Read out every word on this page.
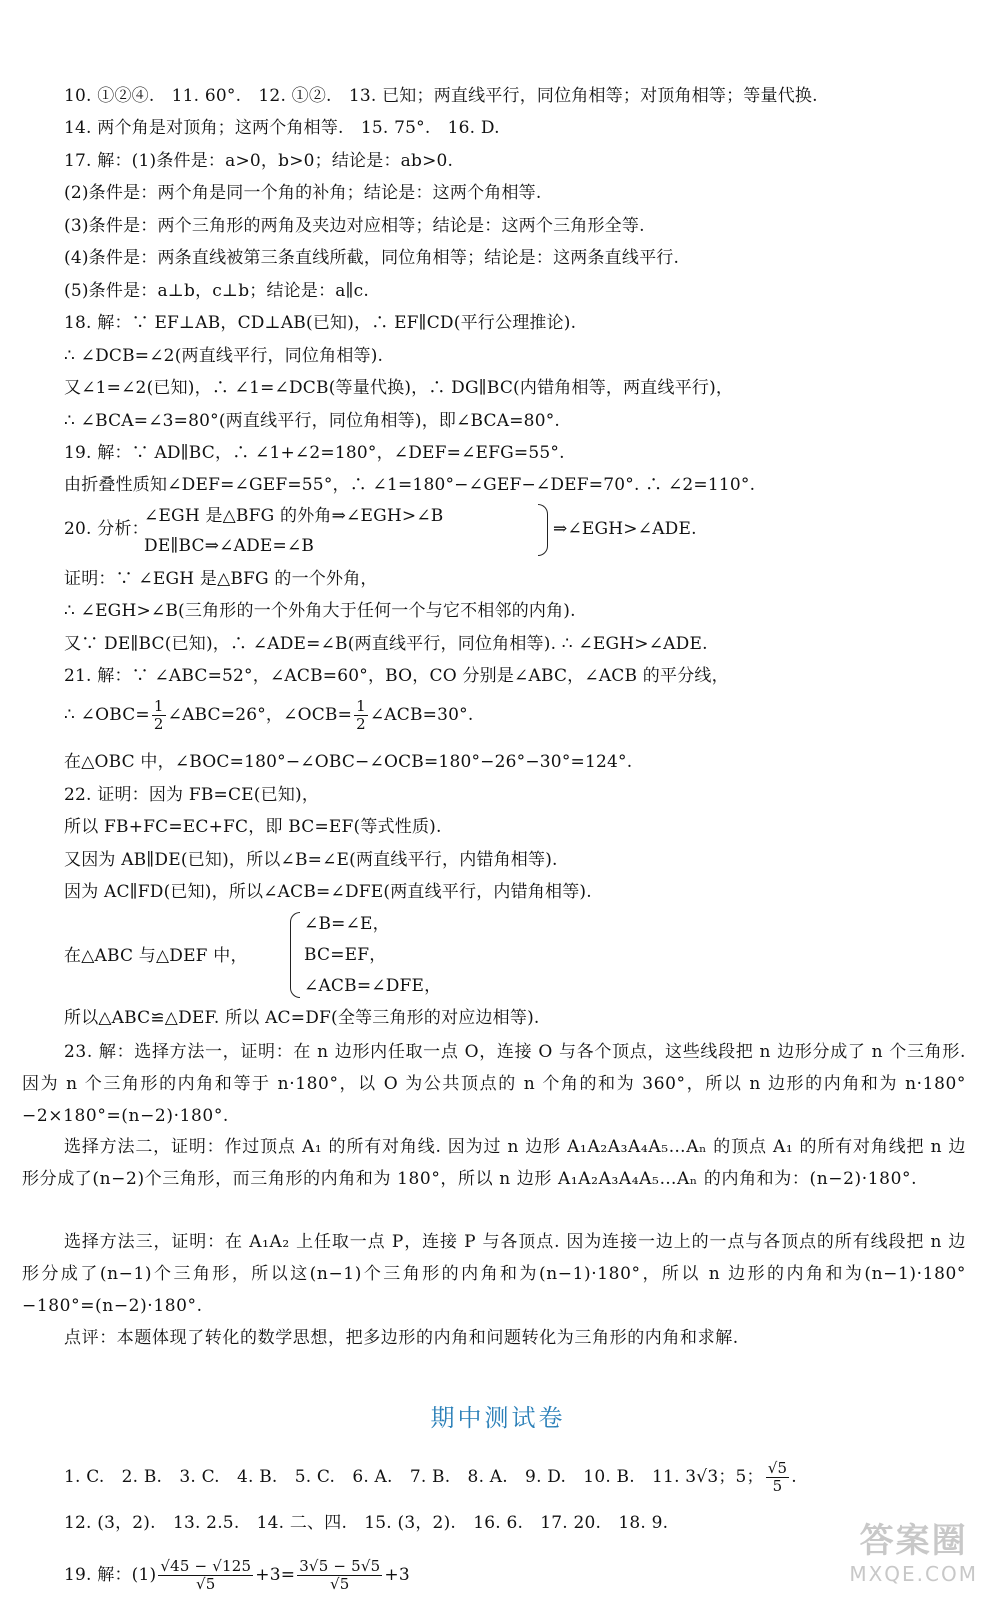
10. ①②④.　11. 60°.　12. ①②.　13. 已知；两直线平行，同位角相等；对顶角相等；等量代换.
14. 两个角是对顶角；这两个角相等.　15. 75°.　16. D.
17. 解：(1)条件是：a>0，b>0；结论是：ab>0.
(2)条件是：两个角是同一个角的补角；结论是：这两个角相等.
(3)条件是：两个三角形的两角及夹边对应相等；结论是：这两个三角形全等.
(4)条件是：两条直线被第三条直线所截，同位角相等；结论是：这两条直线平行.
(5)条件是：a⊥b，c⊥b；结论是：a∥c.
18. 解：∵ EF⊥AB，CD⊥AB(已知)，∴ EF∥CD(平行公理推论).
∴ ∠DCB=∠2(两直线平行，同位角相等).
又∠1=∠2(已知)，∴ ∠1=∠DCB(等量代换)，∴ DG∥BC(内错角相等，两直线平行)，
∴ ∠BCA=∠3=80°(两直线平行，同位角相等)，即∠BCA=80°.
19. 解：∵ AD∥BC，∴ ∠1+∠2=180°，∠DEF=∠EFG=55°.
由折叠性质知∠DEF=∠GEF=55°，∴ ∠1=180°−∠GEF−∠DEF=70°. ∴ ∠2=110°.
20. 分析：
∠EGH 是△BFG 的外角⇒∠EGH>∠B
DE∥BC⇒∠ADE=∠B
⇒∠EGH>∠ADE.
证明：∵ ∠EGH 是△BFG 的一个外角，
∴ ∠EGH>∠B(三角形的一个外角大于任何一个与它不相邻的内角).
又∵ DE∥BC(已知)，∴ ∠ADE=∠B(两直线平行，同位角相等). ∴ ∠EGH>∠ADE.
21. 解：∵ ∠ABC=52°，∠ACB=60°，BO，CO 分别是∠ABC，∠ACB 的平分线，
∴ ∠OBC= $\frac{1}{2}$ ∠ABC=26°，∠OCB= $\frac{1}{2}$ ∠ACB=30°.
在△OBC 中，∠BOC=180°−∠OBC−∠OCB=180°−26°−30°=124°.
22. 证明：因为 FB=CE(已知)，
所以 FB+FC=EC+FC，即 BC=EF(等式性质).
又因为 AB∥DE(已知)，所以∠B=∠E(两直线平行，内错角相等).
因为 AC∥FD(已知)，所以∠ACB=∠DFE(两直线平行，内错角相等).
在△ABC 与△DEF 中，
∠B=∠E，
BC=EF，
∠ACB=∠DFE，
所以△ABC≌△DEF. 所以 AC=DF(全等三角形的对应边相等).
23. 解：选择方法一，证明：在 n 边形内任取一点 O，连接 O 与各个顶点，这些线段把 n 边形分成了 n 个三角形. 因为 n 个三角形的内角和等于 n·180°，以 O 为公共顶点的 n 个角的和为 360°，所以 n 边形的内角和为 n·180°−2×180°=(n−2)·180°.
选择方法二，证明：作过顶点 A₁ 的所有对角线. 因为过 n 边形 A₁A₂A₃A₄A₅…Aₙ 的顶点 A₁ 的所有对角线把 n 边形分成了(n−2)个三角形，而三角形的内角和为 180°，所以 n 边形 A₁A₂A₃A₄A₅…Aₙ 的内角和为：(n−2)·180°.
选择方法三，证明：在 A₁A₂ 上任取一点 P，连接 P 与各顶点. 因为连接一边上的一点与各顶点的所有线段把 n 边形分成了(n−1)个三角形，所以这(n−1)个三角形的内角和为(n−1)·180°，所以 n 边形的内角和为(n−1)·180°−180°=(n−2)·180°.
点评：本题体现了转化的数学思想，把多边形的内角和问题转化为三角形的内角和求解.
期中测试卷
1. C.　2. B.　3. C.　4. B.　5. C.　6. A.　7. B.　8. A.　9. D.　10. B.　11. 3√3；5； $\frac{√5}{5}$ .
12. (3，2).　13. 2.5.　14. 二、四.　15. (3，2).　16. 6.　17. 20.　18. 9.
19. 解：$(1) \frac{√45 - √125}{√5} +3= \frac{3√5 - 5√5}{√5} +3$
答案圈
MXQE.COM
